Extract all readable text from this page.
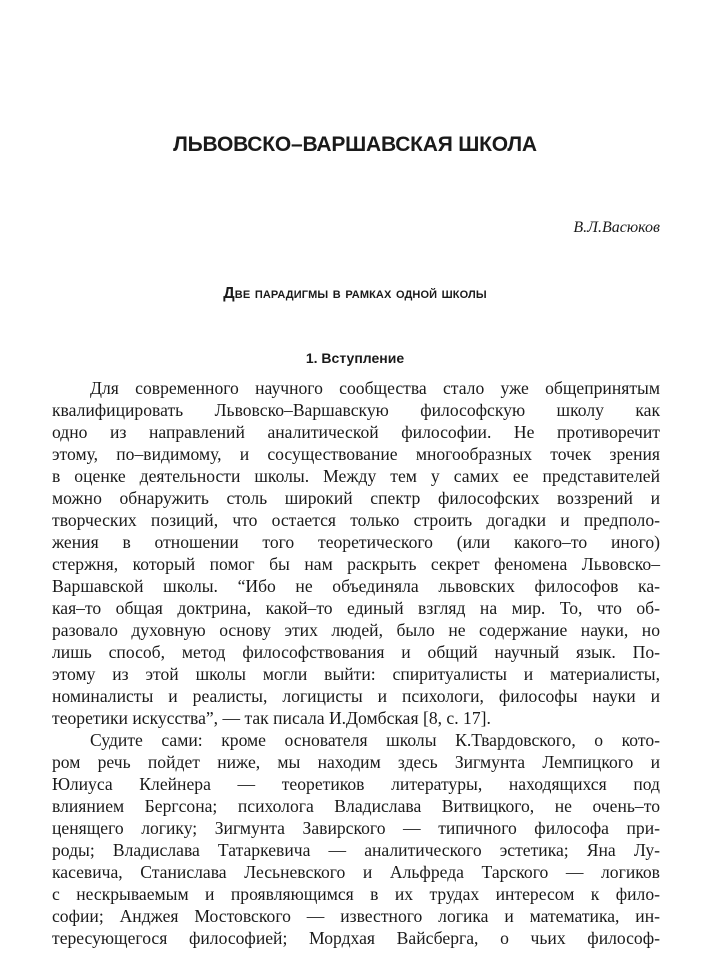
ЛЬВОВСКО–ВАРШАВСКАЯ ШКОЛА
В.Л.Васюков
Две парадигмы в рамках одной школы
1. Вступление
Для современного научного сообщества стало уже общепринятым
квалифицировать Львовско–Варшавскую философскую школу как
одно из направлений аналитической философии. Не противоречит
этому, по–видимому, и сосуществование многообразных точек зрения
в оценке деятельности школы. Между тем у самих ее представителей
можно обнаружить столь широкий спектр философских воззрений и
творческих позиций, что остается только строить догадки и предполо-
жения в отношении того теоретического (или какого–то иного)
стержня, который помог бы нам раскрыть секрет феномена Львовско–
Варшавской школы. “Ибо не объединяла львовских философов ка-
кая–то общая доктрина, какой–то единый взгляд на мир. То, что об-
разовало духовную основу этих людей, было не содержание науки, но
лишь способ, метод философствования и общий научный язык. По-
этому из этой школы могли выйти: спиритуалисты и материалисты,
номиналисты и реалисты, логицисты и психологи, философы науки и
теоретики искусства”, — так писала И.Домбская [8, с. 17].
Судите сами: кроме основателя школы К.Твардовского, о кото-
ром речь пойдет ниже, мы находим здесь Зигмунта Лемпицкого и
Юлиуса Клейнера — теоретиков литературы, находящихся под
влиянием Бергсона; психолога Владислава Витвицкого, не очень–то
ценящего логику; Зигмунта Завирского — типичного философа при-
роды; Владислава Татаркевича — аналитического эстетика; Яна Лу-
касевича, Станислава Лесьневского и Альфреда Тарского — логиков
с нескрываемым и проявляющимся в их трудах интересом к фило-
софии; Анджея Мостовского — известного логика и математика, ин-
тересующегося философией; Мордхая Вайсберга, о чьих философ-
